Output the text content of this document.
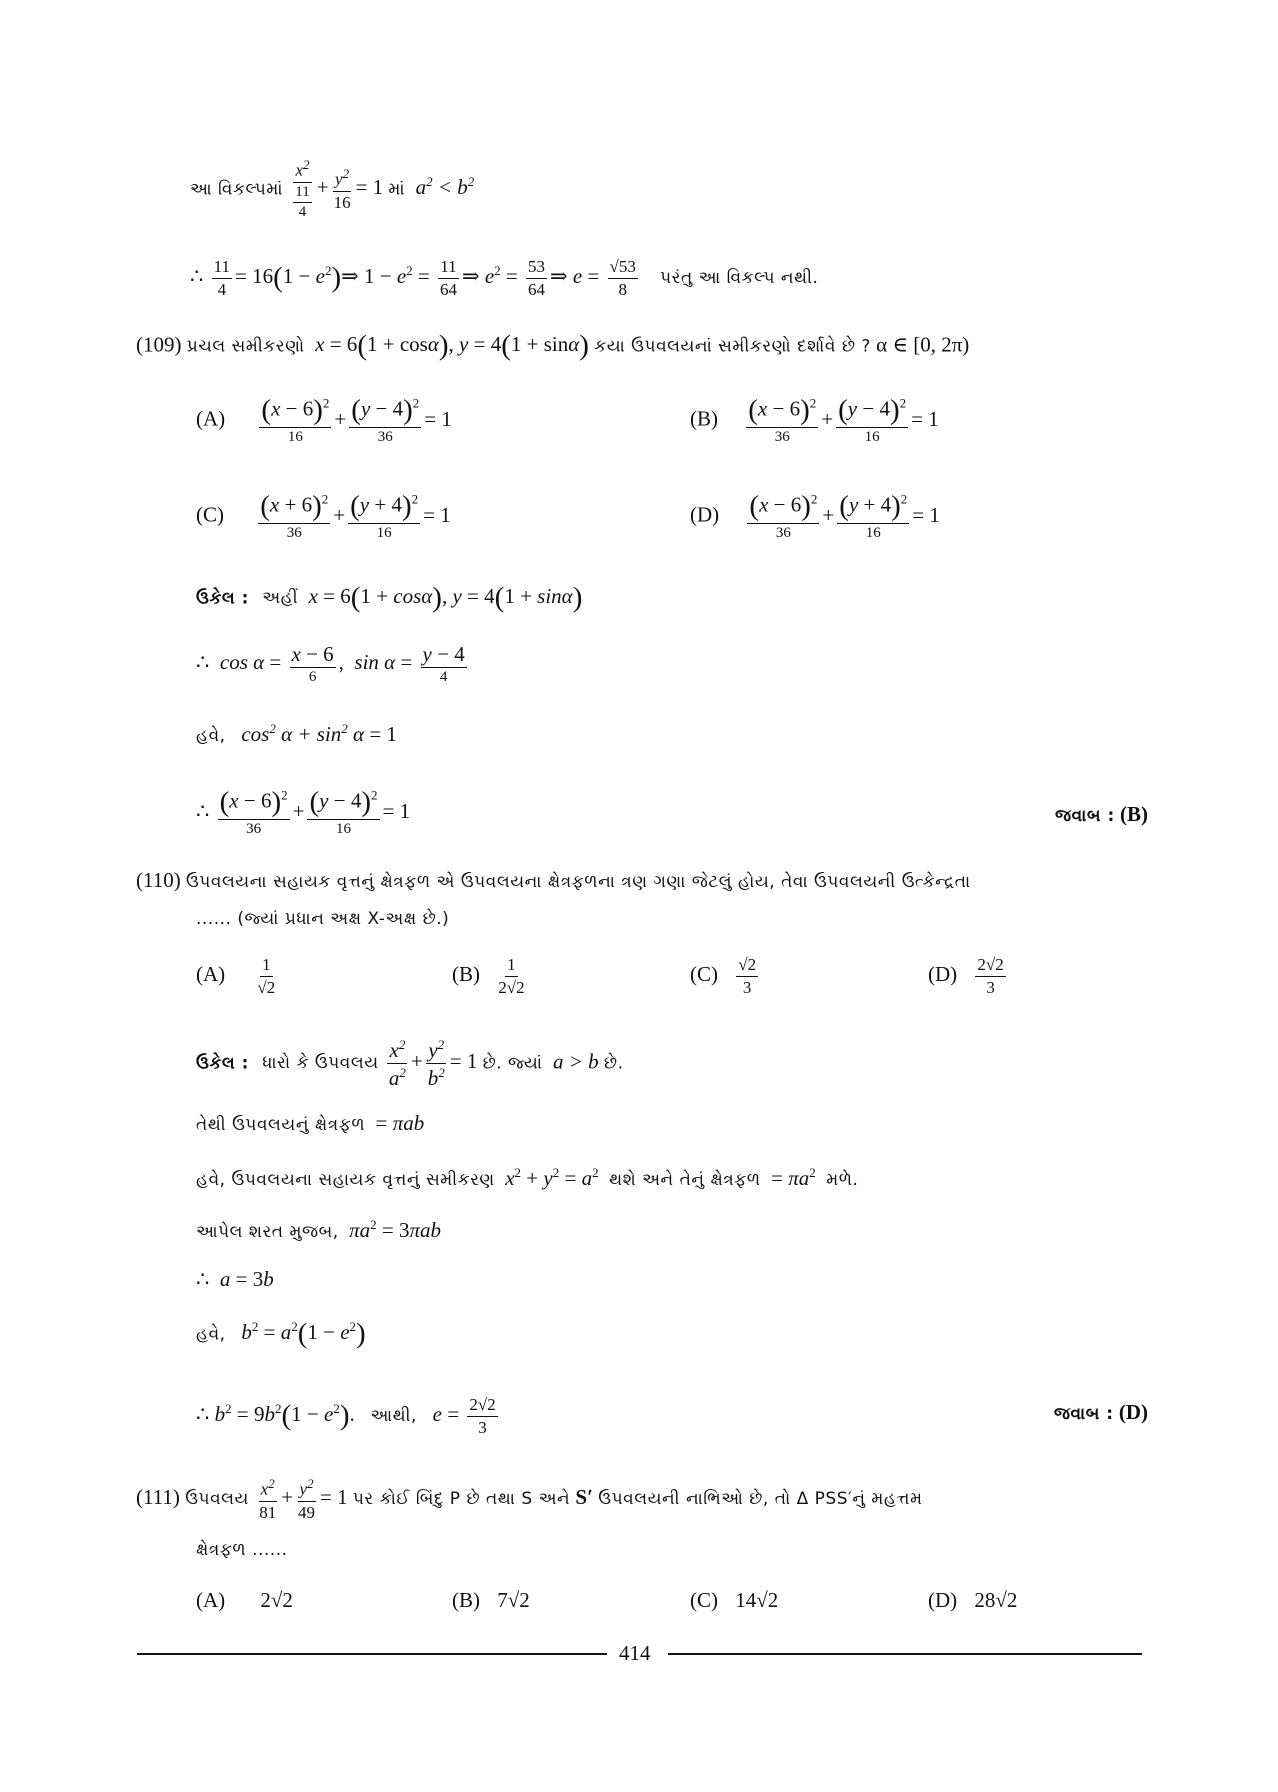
આ વિકલ્પમાં $\frac{x^2}{\frac{11}{4}} + \frac{y^2}{16} = 1$ માં  $a^2 < b^2$
∴ $\frac{11}{4} = 16(1$ − $e^2)\Rightarrow$ $1 - e^2 = \frac{11}{64}$ ⇒ $e^2 = \frac{53}{64}$ ⇒ $e = \frac{√53}{8}$ પરંતુ આ વિકલ્પ નથી.
(109) પ્રચલ સમીકરણો x = 6(1 + cosα), y = 4(1 + sinα) કયા ઉપવલયનાં સમીકરણો દર્શાવે છે ? α ∈ [0, 2π)
$(A) \frac{(x - 6)^2}{16} + \frac{(y - 4)^2}{36} = 1$	$(B) \frac{(x - 6)^2}{36} + \frac{(y - 4)^2}{16} = 1$
$(C) \frac{(x + 6)^2}{36} + \frac{(y + 4)^2}{16} = 1$	$(D) \frac{(x - 6)^2}{36} + \frac{(y + 4)^2}{16} = 1$
ઉકેલ : અહીં x = 6(1 + cosα), y = 4(1 + sinα)
∴  $\cos \alpha = \frac{x - 6}{6}$ ,  $\sin \alpha = \frac{y - 4}{4}$
હવે,   $\cos^2 \alpha + \sin^2 \alpha = 1$
∴ $\frac{(x - 6)^2}{36} + \frac{(y - 4)^2}{16} = 1$	જવાબ : (B)
(110) ઉપવલયના સહાયક વૃત્તનું ક્ષેત્રફળ એ ઉપવલયના ક્ષેત્રફળના ત્રણ ગણા જેટલું હોય, તેવા ઉપવલયની ઉત્કેન્દ્રતા
...... (જ્યાં પ્રધાન અક્ષ X-અક્ષ છે.)
$(A) \frac{1}{√2}$	$(B) \frac{1}{2√2}$	$(C) \frac{√2}{3}$	$(D) \frac{2√2}{3}$
ઉકેલ : ધારો કે ઉપવલય $\frac{x^2}{a^2} + \frac{y^2}{b^2} = 1$ છે. જ્યાં  a > b છે.
તેથી ઉપવલયનું ક્ષેત્રફળ  = πab
હવે, ઉપવલયના સહાયક વૃત્તનું સમીકરણ $x^2 + y^2 = a^2$ થશે અને તેનું ક્ષેત્રફળ  = $\pi a^2$ મળે.
આપેલ શરત મુજબ, $\pi a^2 = 3\pi ab$
∴  a = 3b
હવે, $b^2 = a^2(1 - e^2)$
∴ $b^2 = 9b^2(1 - e^2)$.   આથી, $e = \frac{2√2}{3}$	જવાબ : (D)
(111) ઉપવલય $\frac{x^2}{81} + \frac{y^2}{49} = 1$ પર કોઈ બિંદુ P છે તથા S અને S′ ઉપવલયની નાભિઓ છે, તો Δ PSS′નું મહત્તમ
ક્ષેત્રફળ ......
(A) 2√2	(B) 7√2	(C) 14√2	(D) 28√2
414
